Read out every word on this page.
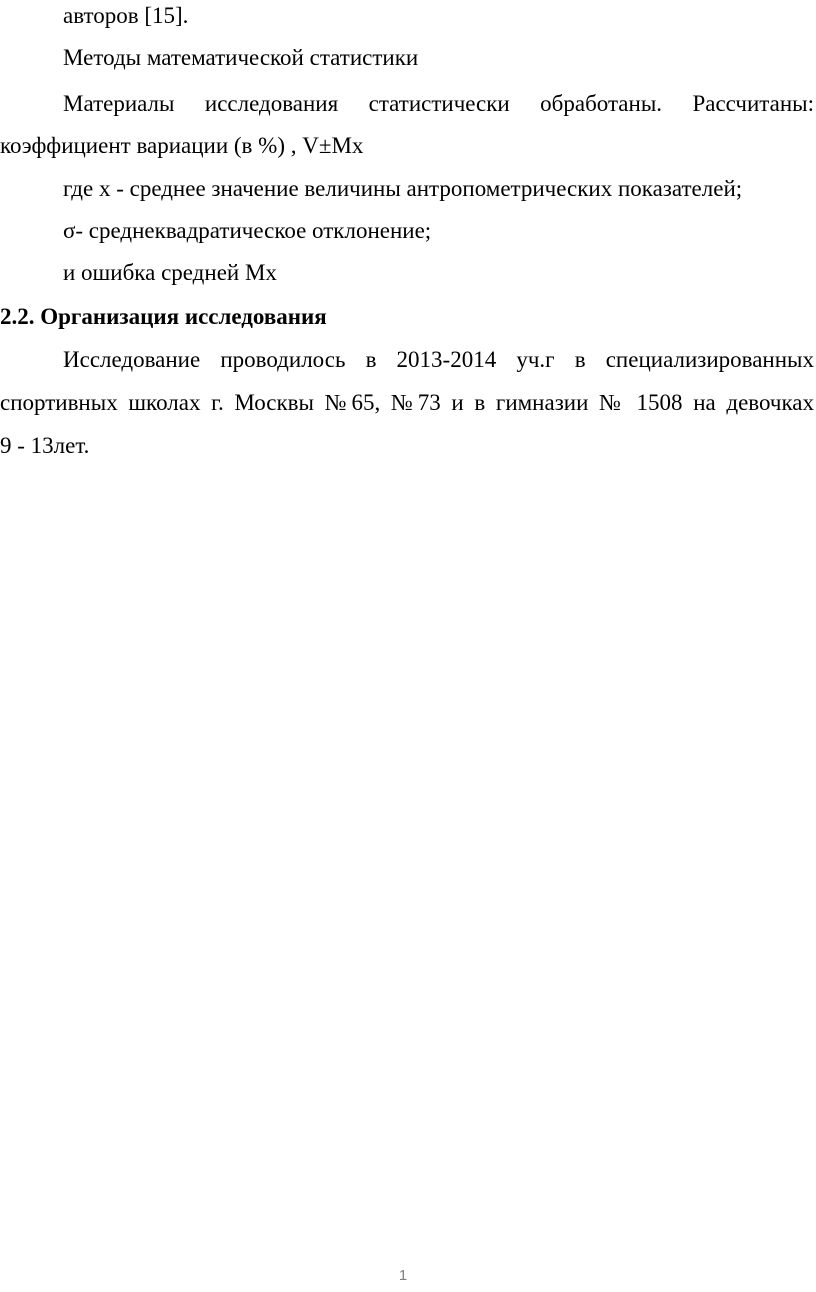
авторов [15].
Методы математической статистики
Материалы исследования статистически обработаны. Рассчитаны:
коэффициент вариации (в %) , V±Mx
где х - среднее значение величины антропометрических показателей;
σ- среднеквадратическое отклонение;
и ошибка средней Mx
2.2. Организация исследования
Исследование проводилось в 2013-2014 уч.г в специализированных
спортивных школах г. Москвы №65, №73 и в гимназии № 1508 на девочках
9 - 13лет.
1
